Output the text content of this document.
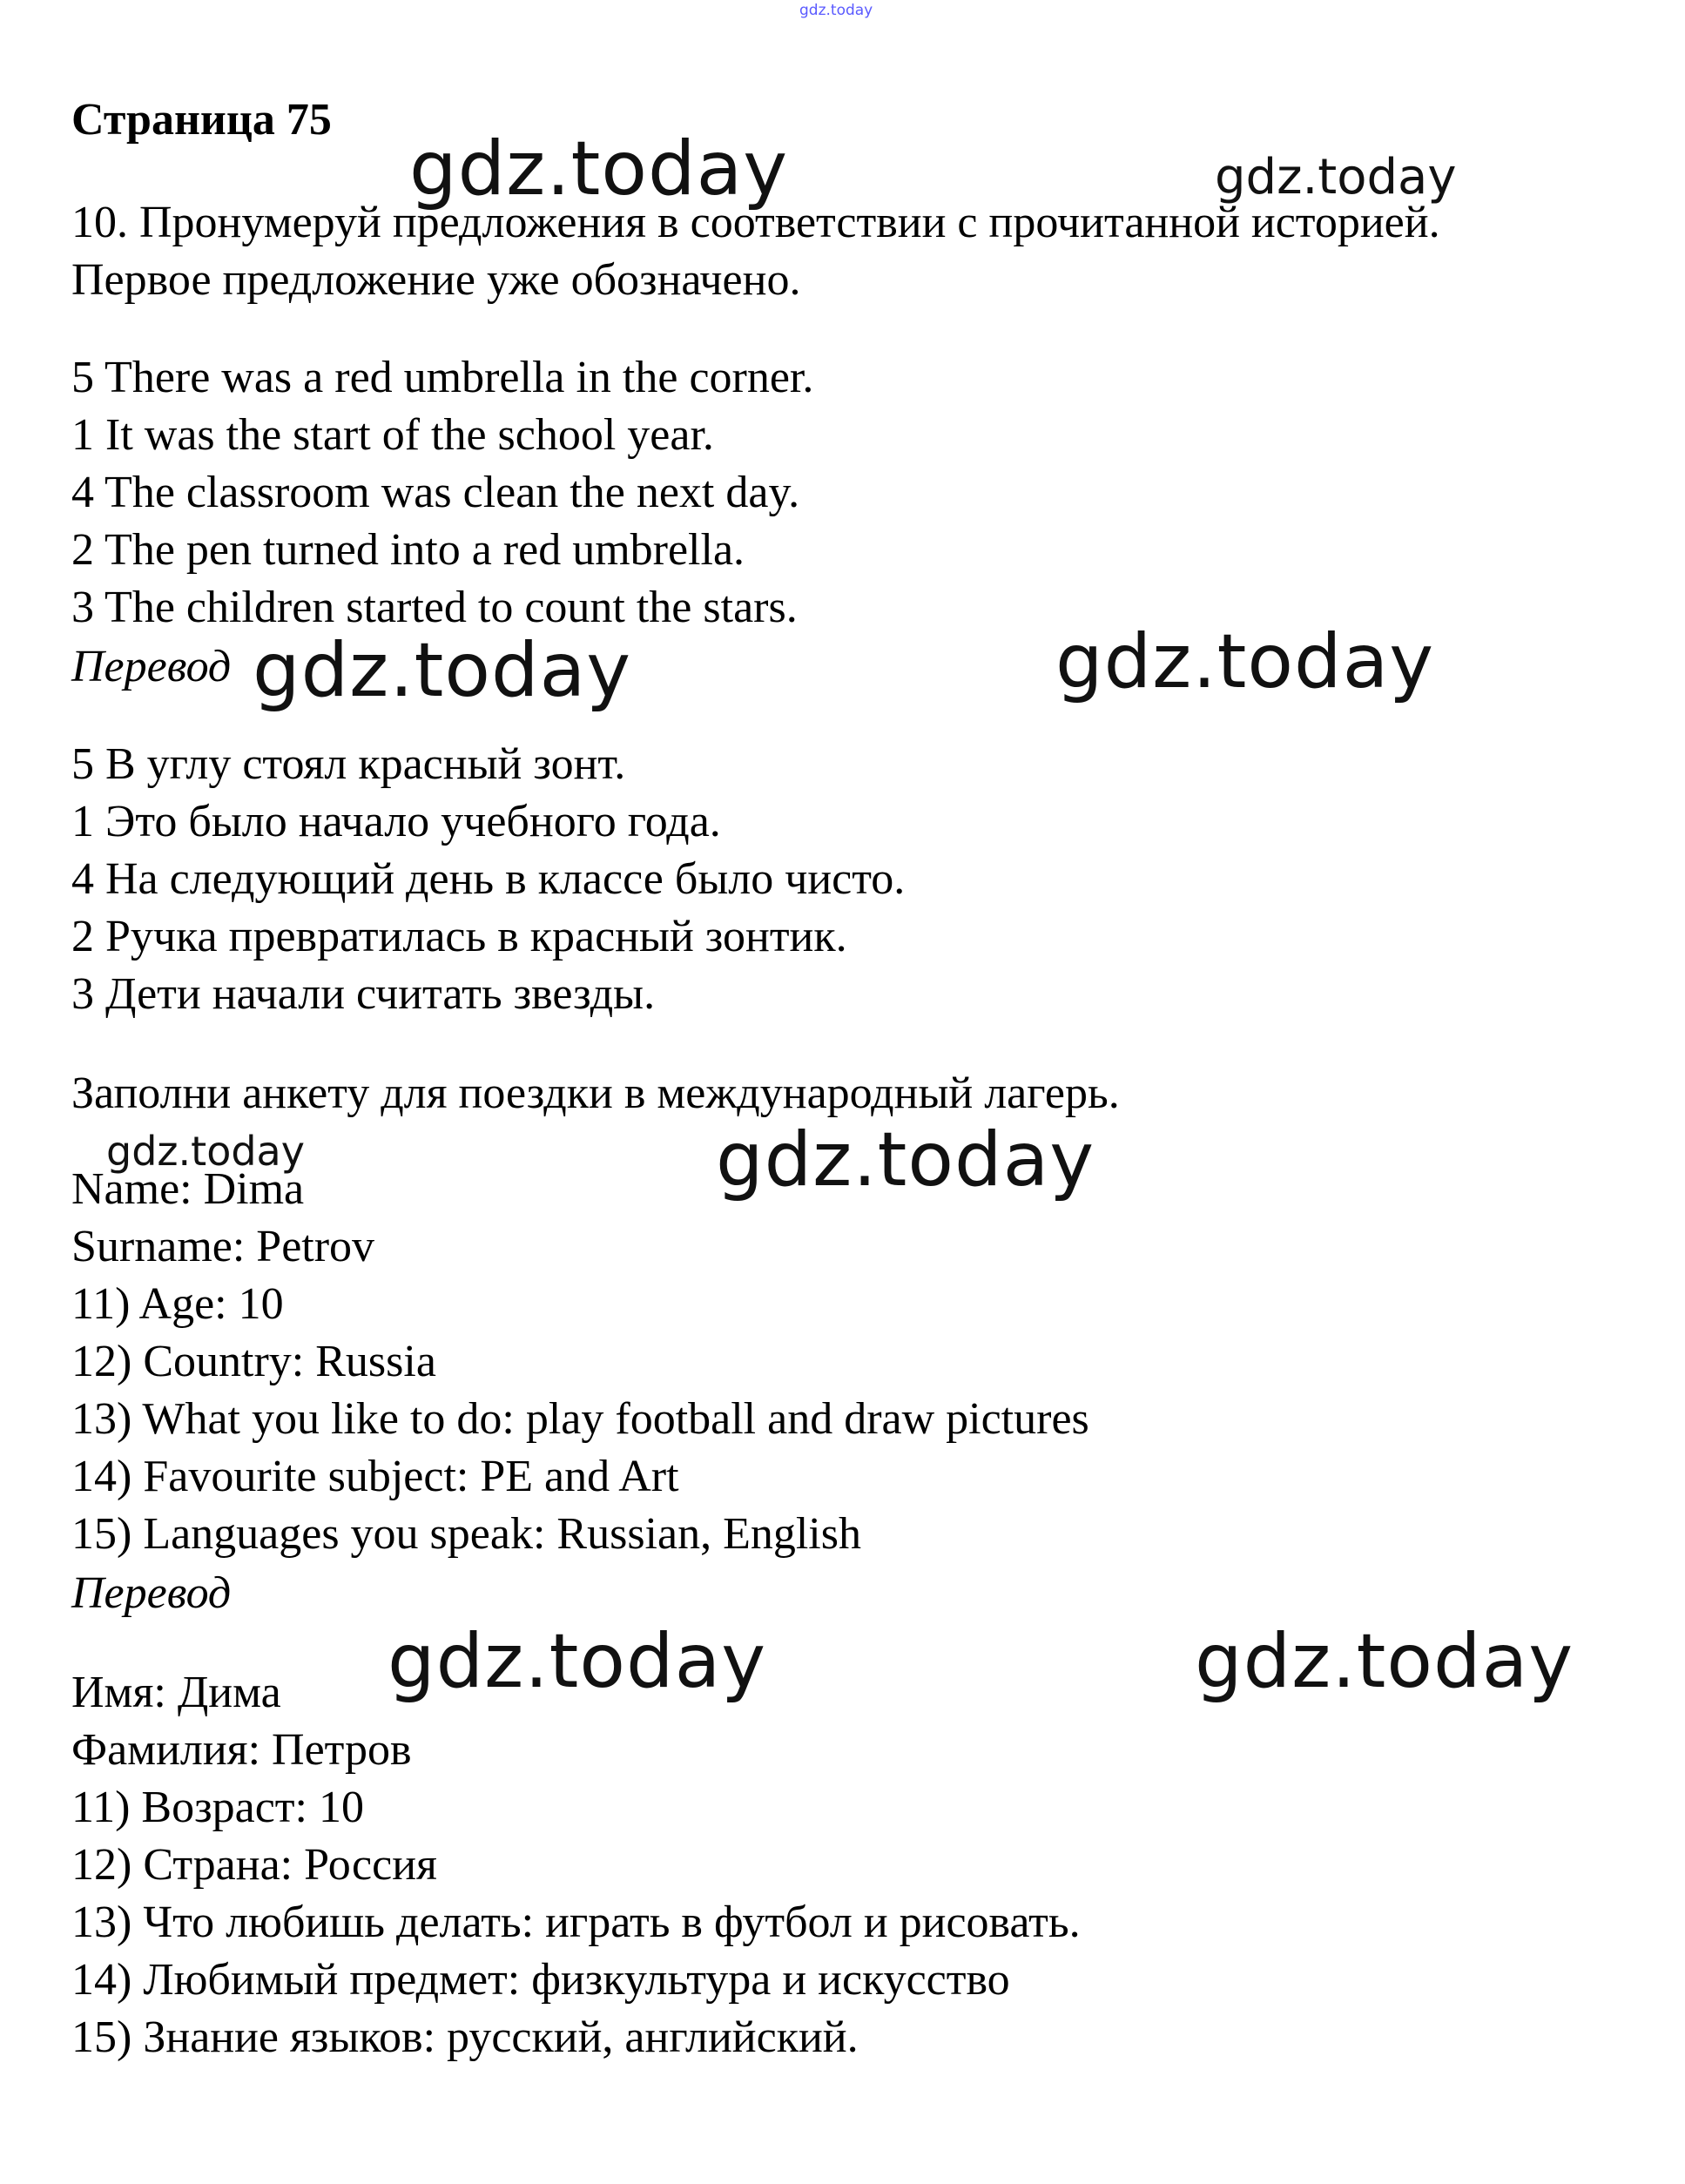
gdz.today
Страница 75
gdz.today	gdz.today
10. Пронумеруй предложения в соответствии с прочитанной историей.
Первое предложение уже обозначено.
5 There was a red umbrella in the corner.
1 It was the start of the school year.
4 The classroom was clean the next day.
2 The pen turned into a red umbrella.
3 The children started to count the stars.
Перевод gdz.today	gdz.today
5 В углу стоял красный зонт.
1 Это было начало учебного года.
4 На следующий день в классе было чисто.
2 Ручка превратилась в красный зонтик.
3 Дети начали считать звезды.
Заполни анкету для поездки в международный лагерь.
gdz.today	gdz.today
Name: Dima
Surname: Petrov
11) Age: 10
12) Country: Russia
13) What you like to do: play football and draw pictures
14) Favourite subject: PE and Art
15) Languages you speak: Russian, English
Перевод
gdz.today	gdz.today
Имя: Дима
Фамилия: Петров
11) Возраст: 10
12) Страна: Россия
13) Что любишь делать: играть в футбол и рисовать.
14) Любимый предмет: физкультура и искусство
15) Знание языков: русский, английский.
